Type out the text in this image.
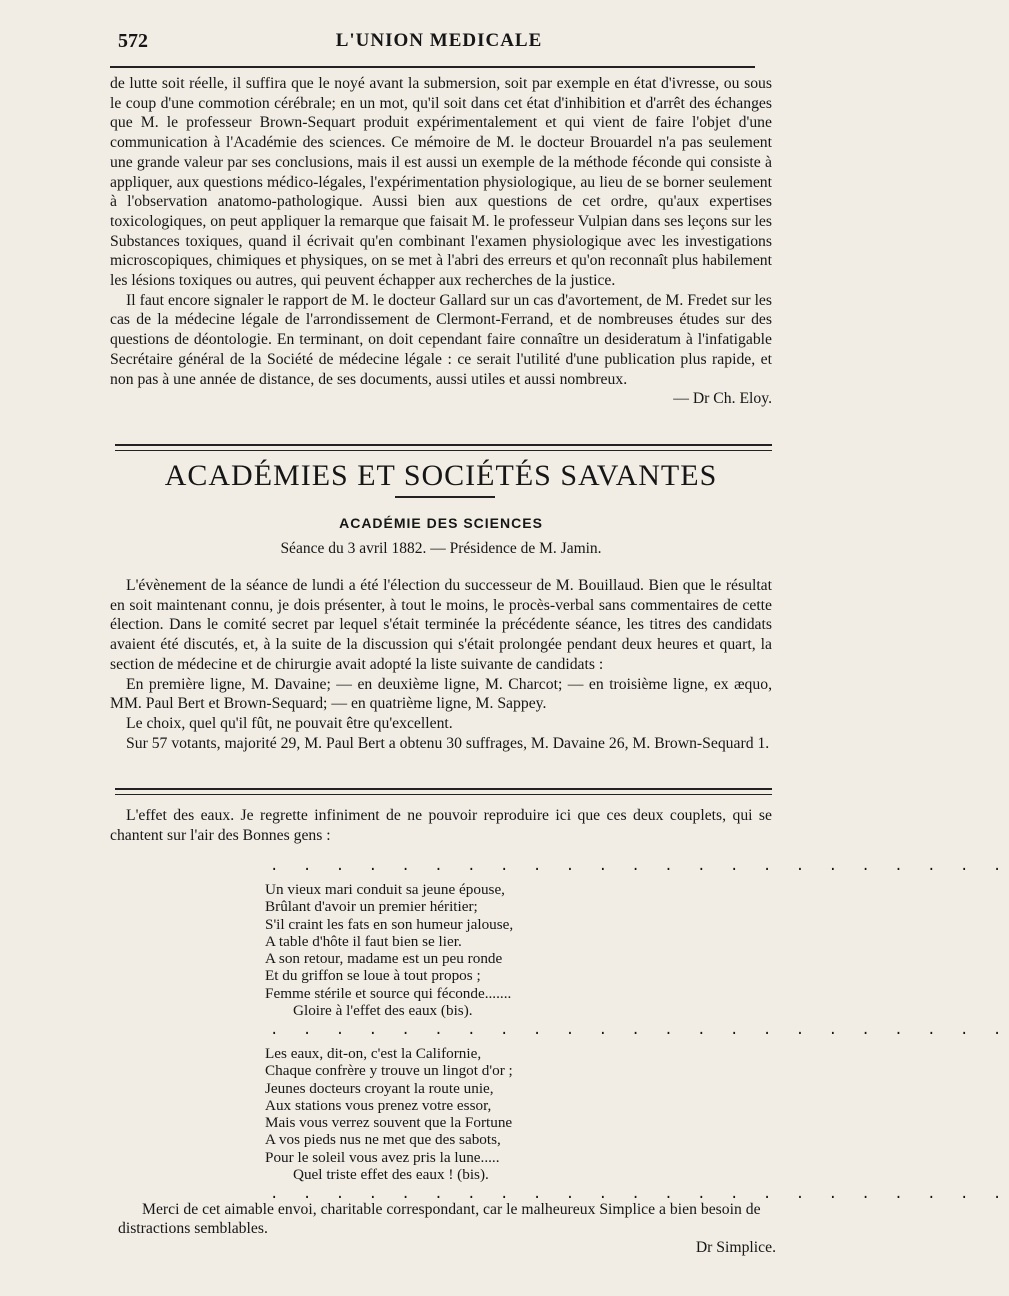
572	L'UNION MEDICALE

de lutte soit réelle, il suffira que le noyé avant la submersion, soit par exemple en état d'ivresse, ou sous le coup d'une commotion cérébrale; en un mot, qu'il soit dans cet état d'inhibition et d'arrêt des échanges que M. le professeur Brown-Sequart produit expérimentalement et qui vient de faire l'objet d'une communication à l'Académie des sciences. Ce mémoire de M. le docteur Brouardel n'a pas seulement une grande valeur par ses conclusions, mais il est aussi un exemple de la méthode féconde qui consiste à appliquer, aux questions médico-légales, l'expérimentation physiologique, au lieu de se borner seulement à l'observation anatomo-pathologique. Aussi bien aux questions de cet ordre, qu'aux expertises toxicologiques, on peut appliquer la remarque que faisait M. le professeur Vulpian dans ses leçons sur les Substances toxiques, quand il écrivait qu'en combinant l'examen physiologique avec les investigations microscopiques, chimiques et physiques, on se met à l'abri des erreurs et qu'on reconnaît plus habilement les lésions toxiques ou autres, qui peuvent échapper aux recherches de la justice.

Il faut encore signaler le rapport de M. le docteur Gallard sur un cas d'avortement, de M. Fredet sur les cas de la médecine légale de l'arrondissement de Clermont-Ferrand, et de nombreuses études sur des questions de déontologie. En terminant, on doit cependant faire connaître un desideratum à l'infatigable Secrétaire général de la Société de médecine légale : ce serait l'utilité d'une publication plus rapide, et non pas à une année de distance, de ses documents, aussi utiles et aussi nombreux.

— Dr Ch. Eloy.

ACADÉMIES ET SOCIÉTÉS SAVANTES
ACADÉMIE DES SCIENCES
Séance du 3 avril 1882. — Présidence de M. Jamin.

L'évènement de la séance de lundi a été l'élection du successeur de M. Bouillaud. Bien que le résultat en soit maintenant connu, je dois présenter, à tout le moins, le procès-verbal sans commentaires de cette élection. Dans le comité secret par lequel s'était terminée la précédente séance, les titres des candidats avaient été discutés, et, à la suite de la discussion qui s'était prolongée pendant deux heures et quart, la section de médecine et de chirurgie avait adopté la liste suivante de candidats :

En première ligne, M. Davaine; — en deuxième ligne, M. Charcot; — en troisième ligne, ex æquo, MM. Paul Bert et Brown-Sequard; — en quatrième ligne, M. Sappey.

Le choix, quel qu'il fût, ne pouvait être qu'excellent.

Sur 57 votants, majorité 29, M. Paul Bert a obtenu 30 suffrages, M. Davaine 26, M. Brown-Sequard 1.

L'effet des eaux. Je regrette infiniment de ne pouvoir reproduire ici que ces deux couplets, qui se chantent sur l'air des Bonnes gens :

. . . . . . . . . . . . . . . . . . . . . . .

Un vieux mari conduit sa jeune épouse,

Brûlant d'avoir un premier héritier;

S'il craint les fats en son humeur jalouse,

A table d'hôte il faut bien se lier.

A son retour, madame est un peu ronde

Et du griffon se loue à tout propos ;

Femme stérile et source qui féconde.......

Gloire à l'effet des eaux (bis).

. . . . . . . . . . . . . . . . . . . . . . .

Les eaux, dit-on, c'est la Californie,

Chaque confrère y trouve un lingot d'or ;

Jeunes docteurs croyant la route unie,

Aux stations vous prenez votre essor,

Mais vous verrez souvent que la Fortune

A vos pieds nus ne met que des sabots,

Pour le soleil vous avez pris la lune.....

Quel triste effet des eaux ! (bis).

. . . . . . . . . . . . . . . . . . . . . . .

Merci de cet aimable envoi, charitable correspondant, car le malheureux Simplice a bien besoin de distractions semblables.

Dr Simplice.
